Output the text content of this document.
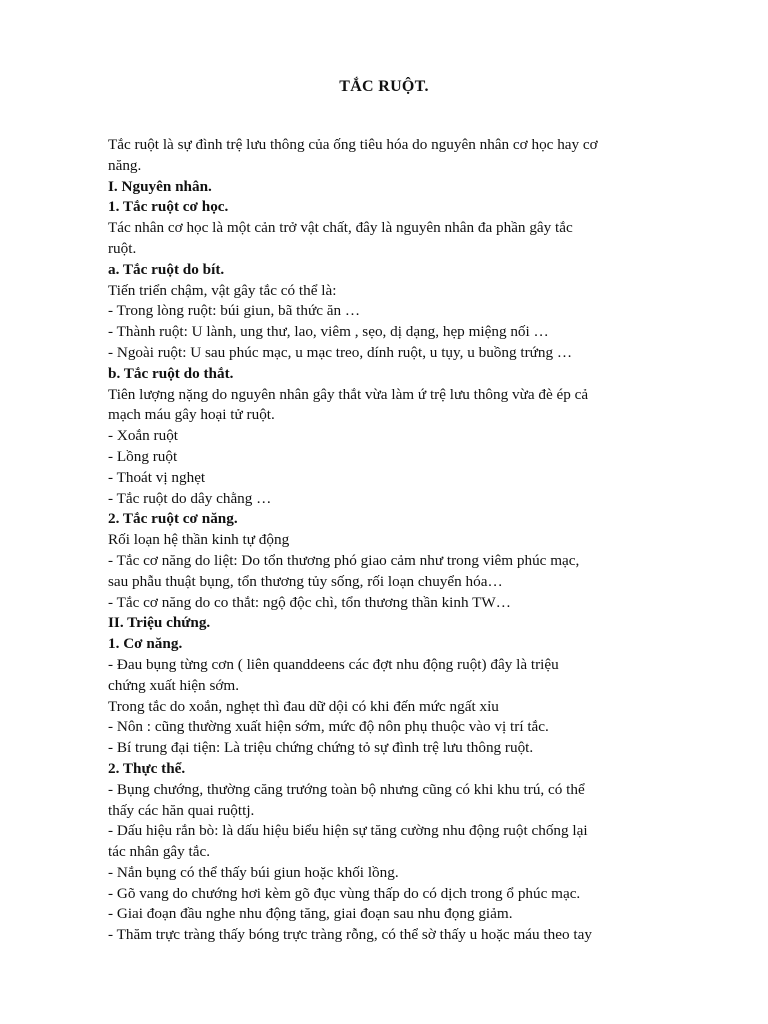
TẮC RUỘT.
Tắc ruột là sự đình trệ lưu thông của ống tiêu hóa do nguyên nhân cơ học hay cơ
năng.
I. Nguyên nhân.
1. Tắc ruột cơ học.
Tác nhân cơ học là một cản trở vật chất, đây là nguyên nhân đa phần gây tắc
ruột.
a. Tắc ruột do bít.
Tiến triển chậm, vật gây tắc có thể là:
- Trong lòng ruột: búi giun, bã thức ăn …
- Thành ruột: U lành, ung thư, lao, viêm , sẹo, dị dạng, hẹp miệng nối …
- Ngoài ruột: U sau phúc mạc, u mạc treo, dính ruột, u tụy, u buồng trứng …
b. Tắc ruột do thắt.
Tiên lượng nặng do nguyên nhân gây thắt vừa làm ứ trệ lưu thông vừa đè ép cả
mạch máu gây hoại tử ruột.
- Xoắn ruột
- Lồng ruột
- Thoát vị nghẹt
- Tắc ruột do dây chằng …
2. Tắc ruột cơ năng.
Rối loạn hệ thần kinh tự động
- Tắc cơ năng do liệt: Do tổn thương phó giao cảm như trong viêm phúc mạc,
sau phẫu thuật bụng, tổn thương tủy sống, rối loạn chuyển hóa…
- Tắc cơ năng do co thắt: ngộ độc chì, tổn thương thần kinh TW…
II. Triệu chứng.
1. Cơ năng.
- Đau bụng từng cơn ( liên quanddeens các đợt nhu động ruột) đây là triệu
chứng xuất hiện sớm.
Trong tắc do xoắn, nghẹt thì đau dữ dội có khi đến mức ngất xỉu
- Nôn : cũng thường xuất hiện sớm, mức độ nôn phụ thuộc vào vị trí tắc.
- Bí trung đại tiện: Là triệu chứng chứng tỏ sự đình trệ lưu thông ruột.
2. Thực thể.
- Bụng chướng, thường căng trướng toàn bộ nhưng cũng có khi khu trú, có thể
thấy các hăn quai ruộttj.
- Dấu hiệu rắn bò: là dấu hiệu biểu hiện sự tăng cường nhu động ruột chống lại
tác nhân gây tắc.
- Nắn bụng có thể thấy búi giun hoặc khối lồng.
- Gõ vang do chướng hơi kèm gõ đục vùng thấp do có dịch trong ổ phúc mạc.
- Giai đoạn đầu nghe nhu động tăng, giai đoạn sau nhu đọng giảm.
- Thăm trực tràng thấy bóng trực tràng rỗng, có thể sờ thấy u hoặc máu theo tay
